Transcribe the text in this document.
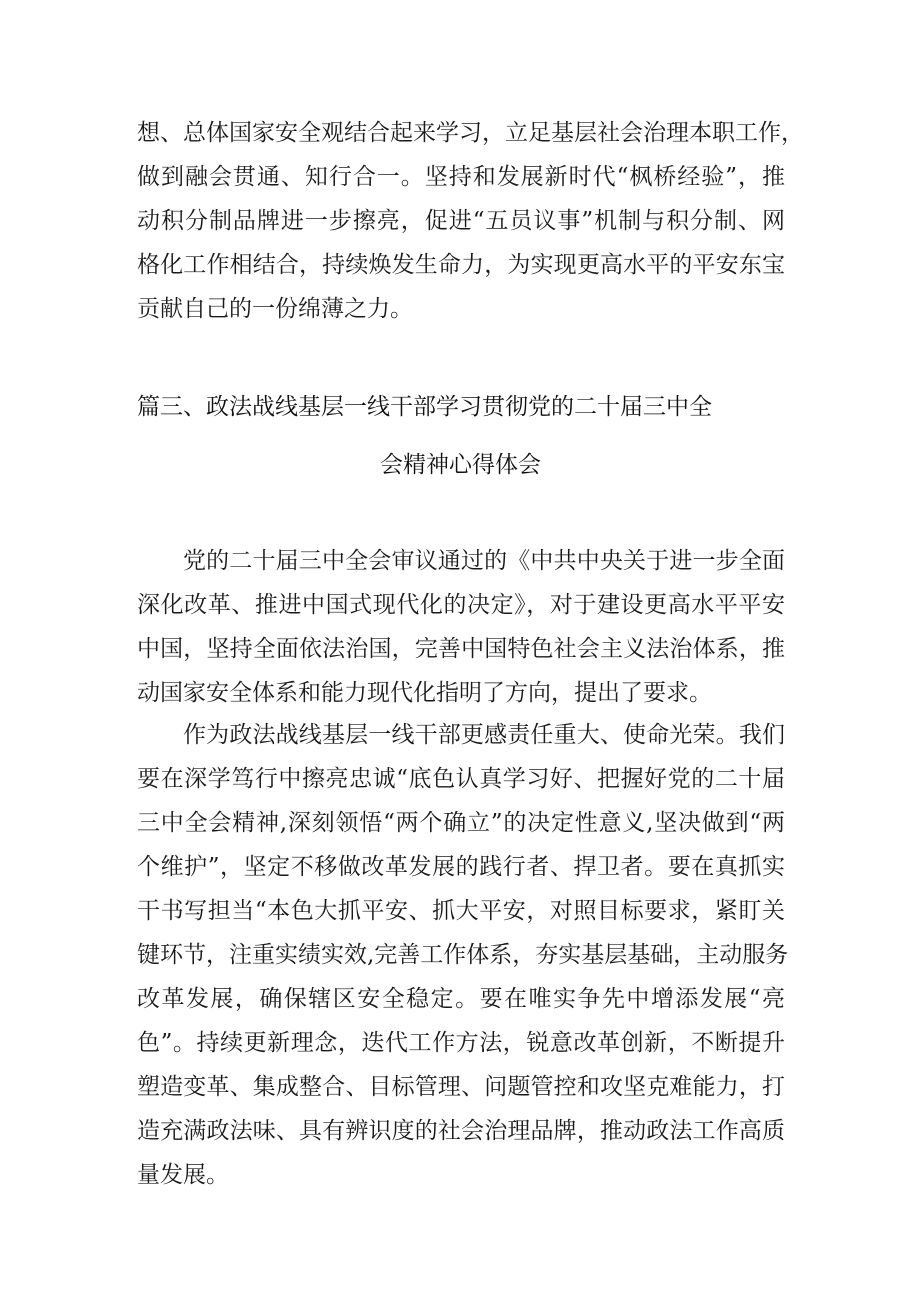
想、总体国家安全观结合起来学习，立足基层社会治理本职工作，
做到融会贯通、知行合一。坚持和发展新时代“枫桥经验”，推
动积分制品牌进一步擦亮，促进“五员议事”机制与积分制、网
格化工作相结合，持续焕发生命力，为实现更高水平的平安东宝
贡献自己的一份绵薄之力。
篇三、政法战线基层一线干部学习贯彻党的二十届三中全
会精神心得体会
党的二十届三中全会审议通过的《中共中央关于进一步全面
深化改革、推进中国式现代化的决定》，对于建设更高水平平安
中国，坚持全面依法治国，完善中国特色社会主义法治体系，推
动国家安全体系和能力现代化指明了方向，提出了要求。
作为政法战线基层一线干部更感责任重大、使命光荣。我们
要在深学笃行中擦亮忠诚“底色认真学习好、把握好党的二十届
三中全会精神,深刻领悟“两个确立”的决定性意义,坚决做到“两
个维护”，坚定不移做改革发展的践行者、捍卫者。要在真抓实
干书写担当“本色大抓平安、抓大平安，对照目标要求，紧盯关
键环节，注重实绩实效,完善工作体系，夯实基层基础，主动服务
改革发展，确保辖区安全稳定。要在唯实争先中增添发展“亮
色”。持续更新理念，迭代工作方法，锐意改革创新，不断提升
塑造变革、集成整合、目标管理、问题管控和攻坚克难能力，打
造充满政法味、具有辨识度的社会治理品牌，推动政法工作高质
量发展。
